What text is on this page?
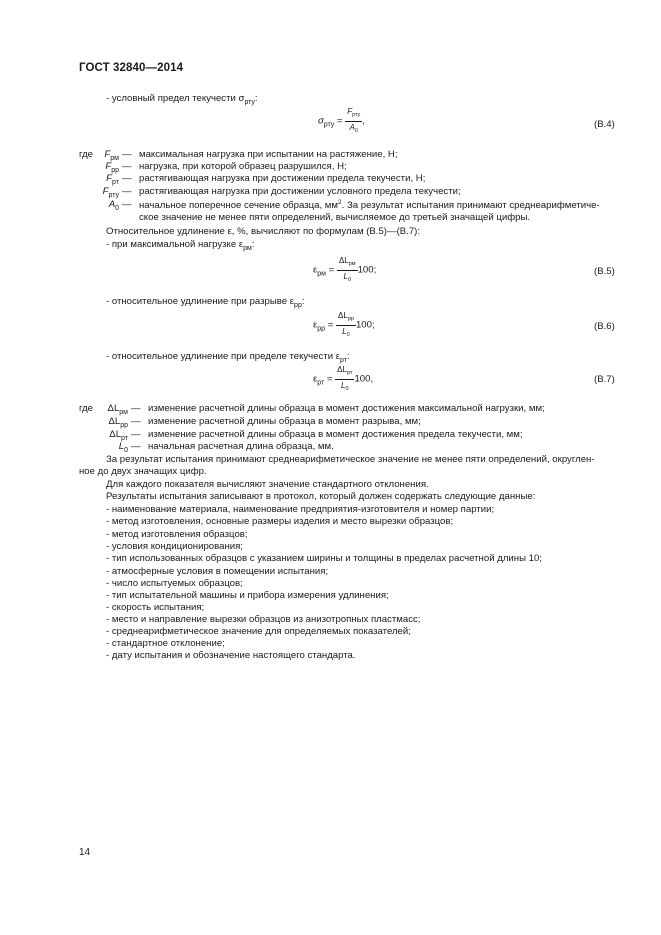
ГОСТ 32840—2014
- условный предел текучести $\sigma_{ртy}$:
$\sigma_{ртy} = \frac{F_{ртy}}{A_0}$ ,	(В.4)
где $F_{рм}$ — максимальная нагрузка при испытании на растяжение, Н;
$F_{рр}$ — нагрузка, при которой образец разрушился, Н;
$F_{рт}$ — растягивающая нагрузка при достижении предела текучести, Н;
$F_{рту}$ — растягивающая нагрузка при достижении условного предела текучести;
$A_0$ — начальное поперечное сечение образца, $мм^2$. За результат испытания принимают среднеарифметиче-
ское значение не менее пяти определений, вычисляемое до третьей значащей цифры.
Относительное удлинение ε, %, вычисляют по формулам (В.5)—(В.7):
- при максимальной нагрузке $\varepsilon_{рм}$:
$\varepsilon_{рм} = \frac{\Delta L_{рм}}{L_0} 100$;	(В.5)
- относительное удлинение при разрыве $\varepsilon_{рр}$:
$\varepsilon_{рр} = \frac{\Delta L_{рр}}{L_0} 100$;	(В.6)
- относительное удлинение при пределе текучести $\varepsilon_{рт}$:
$\varepsilon_{рт} = \frac{\Delta L_{рт}}{L_0} 100$,	(В.7)
где $\Delta L_{рм}$ — изменение расчетной длины образца в момент достижения максимальной нагрузки, мм;
$\Delta L_{рр}$ — изменение расчетной длины образца в момент разрыва, мм;
$\Delta L_{рт}$ — изменение расчетной длины образца в момент достижения предела текучести, мм;
$L_0$ — начальная расчетная длина образца, мм.
За результат испытания принимают среднеарифметическое значение не менее пяти определений, округлен-
ное до двух значащих цифр.
Для каждого показателя вычисляют значение стандартного отклонения.
Результаты испытания записывают в протокол, который должен содержать следующие данные:
- наименование материала, наименование предприятия-изготовителя и номер партии;
- метод изготовления, основные размеры изделия и место вырезки образцов;
- метод изготовления образцов;
- условия кондиционирования;
- тип использованных образцов с указанием ширины и толщины в пределах расчетной длины 10;
- атмосферные условия в помещении испытания;
- число испытуемых образцов;
- тип испытательной машины и прибора измерения удлинения;
- скорость испытания;
- место и направление вырезки образцов из анизотропных пластмасс;
- среднеарифметическое значение для определяемых показателей;
- стандартное отклонение;
- дату испытания и обозначение настоящего стандарта.
14
